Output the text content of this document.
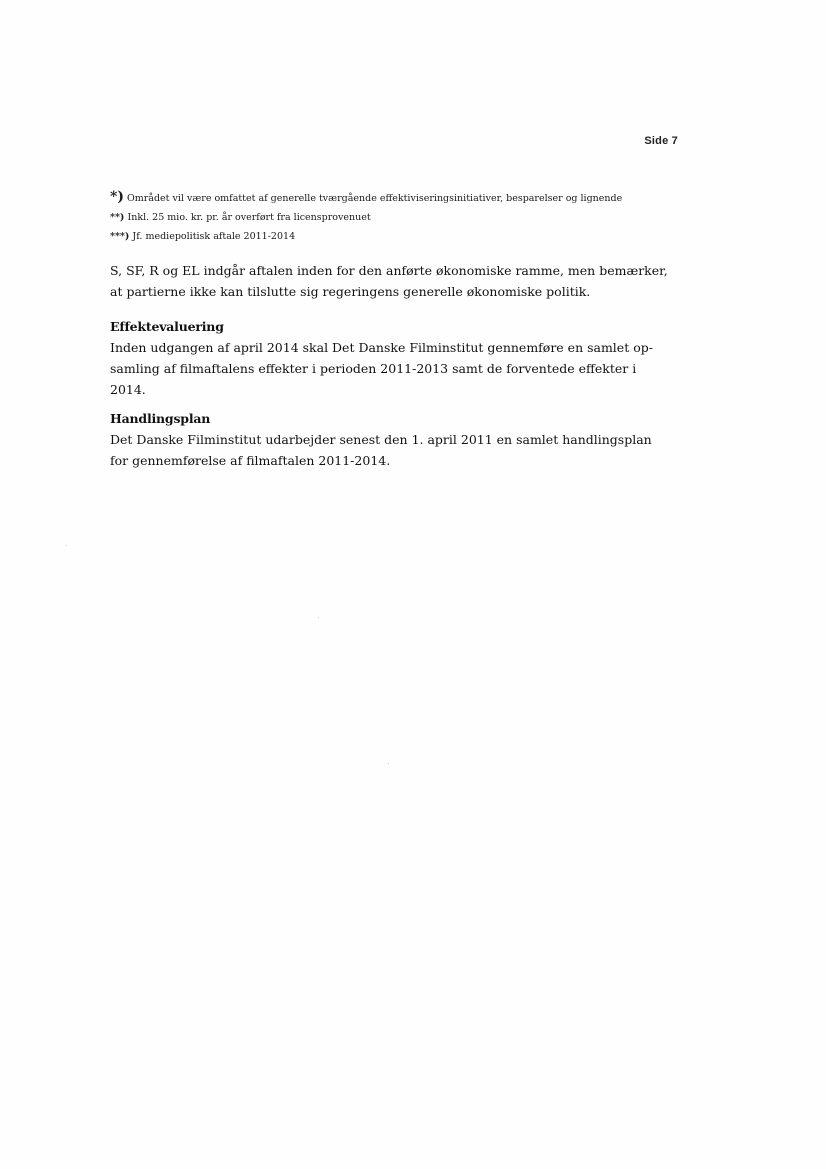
Side 7
*) Området vil være omfattet af generelle tværgående effektiviseringsinitiativer, besparelser og lignende
**) Inkl. 25 mio. kr. pr. år overført fra licensprovenuet
***) Jf. mediepolitisk aftale 2011-2014

S, SF, R og EL indgår aftalen inden for den anførte økonomiske ramme, men bemærker,

at partierne ikke kan tilslutte sig regeringens generelle økonomiske politik.

Effektevaluering

Inden udgangen af april 2014 skal Det Danske Filminstitut gennemføre en samlet op-

samling af filmaftalens effekter i perioden 2011-2013 samt de forventede effekter i

2014.

Handlingsplan

Det Danske Filminstitut udarbejder senest den 1. april 2011 en samlet handlingsplan

for gennemførelse af filmaftalen 2011-2014.
